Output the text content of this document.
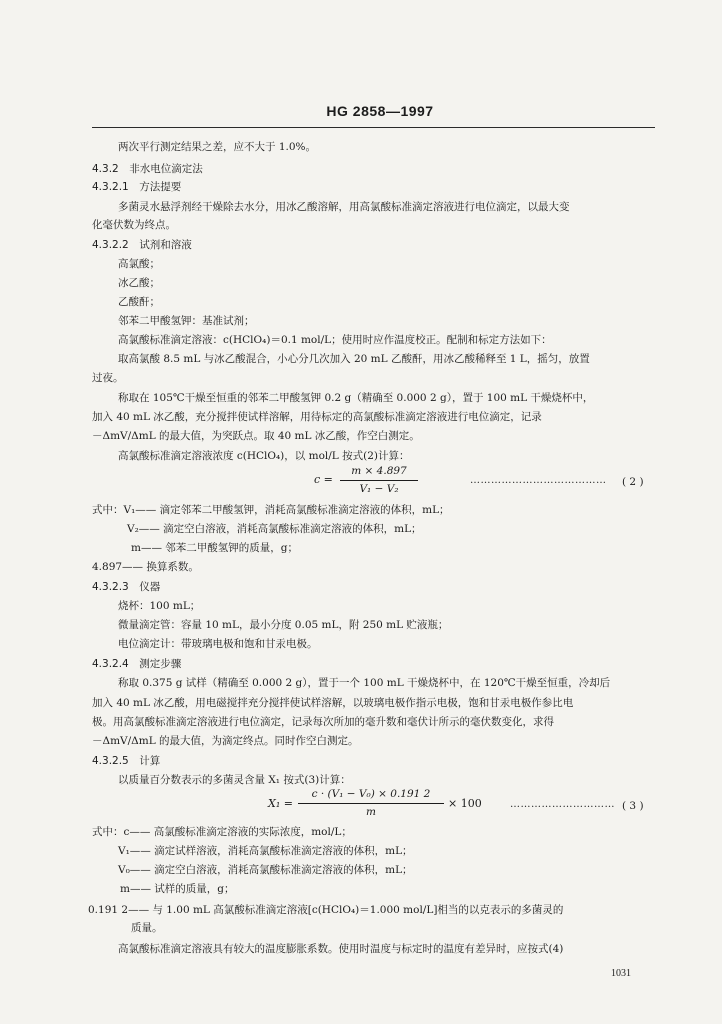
HG 2858—1997
两次平行测定结果之差，应不大于 1.0%。
4.3.2　非水电位滴定法
4.3.2.1　方法提要
多菌灵水悬浮剂经干燥除去水分，用冰乙酸溶解，用高氯酸标准滴定溶液进行电位滴定，以最大变
化毫伏数为终点。
4.3.2.2　试剂和溶液
高氯酸；
冰乙酸；
乙酸酐；
邻苯二甲酸氢钾：基准试剂；
高氯酸标准滴定溶液：c(HClO₄)＝0.1 mol/L；使用时应作温度校正。配制和标定方法如下：
取高氯酸 8.5 mL 与冰乙酸混合，小心分几次加入 20 mL 乙酸酐，用冰乙酸稀释至 1 L，摇匀，放置
过夜。
称取在 105℃干燥至恒重的邻苯二甲酸氢钾 0.2 g（精确至 0.000 2 g），置于 100 mL 干燥烧杯中，
加入 40 mL 冰乙酸，充分搅拌使试样溶解，用待标定的高氯酸标准滴定溶液进行电位滴定，记录
－ΔmV/ΔmL 的最大值，为突跃点。取 40 mL 冰乙酸，作空白测定。
高氯酸标准滴定溶液浓度 c(HClO₄)，以 mol/L 按式(2)计算：
c =
m × 4.897
V₁ − V₂
………………………………… ( 2 )
式中：V₁—— 滴定邻苯二甲酸氢钾，消耗高氯酸标准滴定溶液的体积，mL；
V₂—— 滴定空白溶液，消耗高氯酸标准滴定溶液的体积，mL；
m—— 邻苯二甲酸氢钾的质量，g；
4.897—— 换算系数。
4.3.2.3　仪器
烧杯：100 mL；
微量滴定管：容量 10 mL，最小分度 0.05 mL，附 250 mL 贮液瓶；
电位滴定计：带玻璃电极和饱和甘汞电极。
4.3.2.4　测定步骤
称取 0.375 g 试样（精确至 0.000 2 g），置于一个 100 mL 干燥烧杯中，在 120℃干燥至恒重，冷却后
加入 40 mL 冰乙酸，用电磁搅拌充分搅拌使试样溶解，以玻璃电极作指示电极，饱和甘汞电极作参比电
极。用高氯酸标准滴定溶液进行电位滴定，记录每次所加的毫升数和毫伏计所示的毫伏数变化，求得
－ΔmV/ΔmL 的最大值，为滴定终点。同时作空白测定。
4.3.2.5　计算
以质量百分数表示的多菌灵含量 X₁ 按式(3)计算：
X₁ =
c · (V₁ − V₀) × 0.191 2
m
× 100	………………………… ( 3 )
式中：c—— 高氯酸标准滴定溶液的实际浓度，mol/L；
V₁—— 滴定试样溶液，消耗高氯酸标准滴定溶液的体积，mL；
V₀—— 滴定空白溶液，消耗高氯酸标准滴定溶液的体积，mL；
m—— 试样的质量，g；
0.191 2—— 与 1.00 mL 高氯酸标准滴定溶液[c(HClO₄)＝1.000 mol/L]相当的以克表示的多菌灵的
质量。
高氯酸标准滴定溶液具有较大的温度膨胀系数。使用时温度与标定时的温度有差异时，应按式(4)
1031
